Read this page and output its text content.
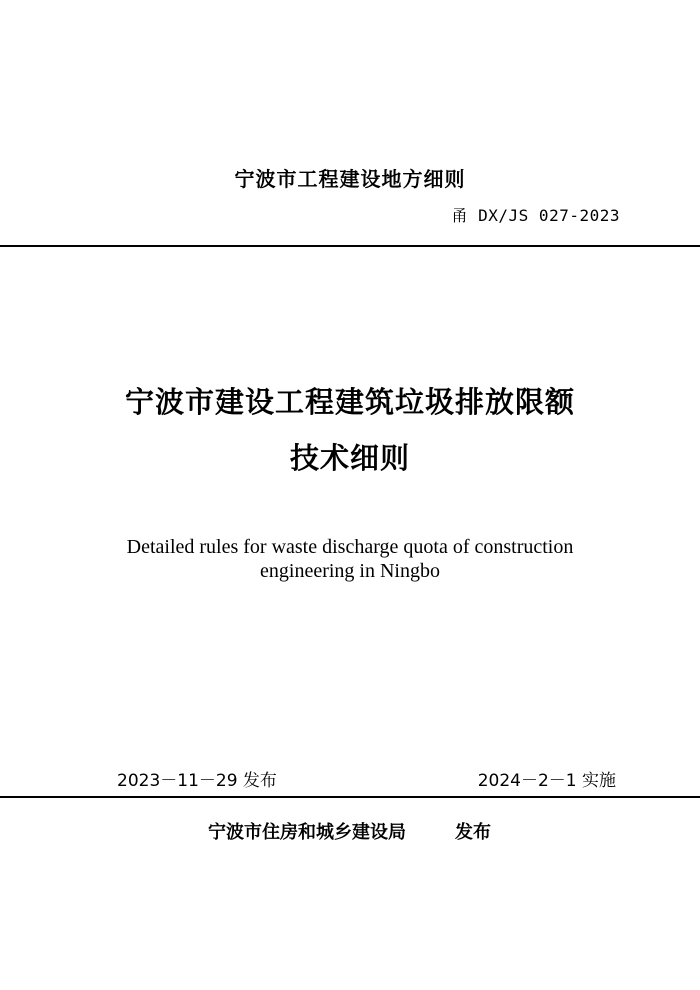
宁波市工程建设地方细则
甬 DX/JS 027-2023
宁波市建设工程建筑垃圾排放限额
技术细则
Detailed rules for waste discharge quota of construction
engineering in Ningbo
2023－11－29 发布	2024－2－1 实施
宁波市住房和城乡建设局	发布
